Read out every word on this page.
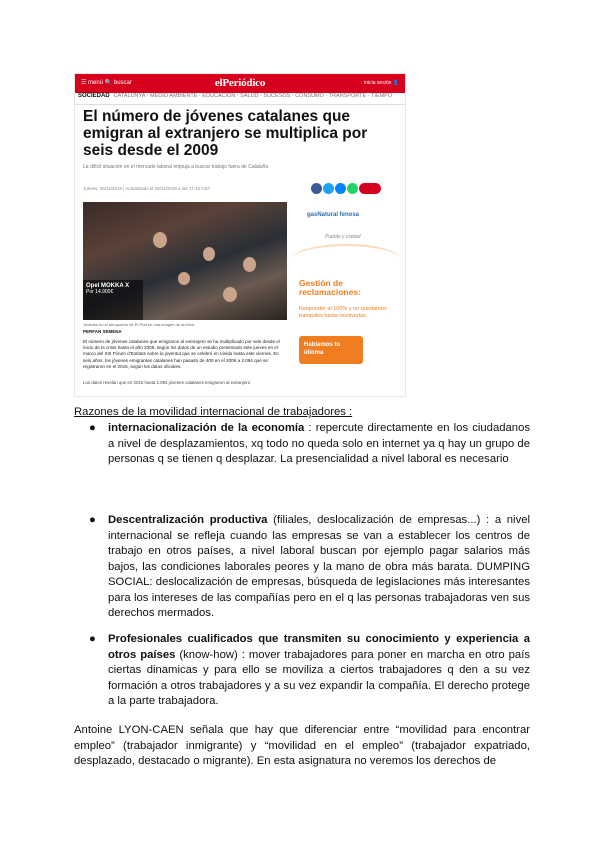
☰ menú 🔍 buscar	elPeriódico	inicia sesión 👤
SOCIEDAD CATALUNYA · MEDIO AMBIENTE · EDUCACIÓN · SALUD · SUCESOS · CONSUMO · TRANSPORTE · TIEMPO
El número de jóvenes catalanes que emigran al extranjero se multiplica por seis desde el 2009
La difícil situación en el mercado laboral empuja a buscar trabajo fuera de Cataluña
Jueves, 25/11/2016 | Actualizado el 25/11/2016 a las 17:15 CET
Opel MOKKA X
Por 14.900€
Jóvenes en el aeropuerto de El Prat en una imagen de archivo.
PERFAN SEMENA
El número de jóvenes catalanes que emigraron al extranjero se ha multiplicado por seis desde el inicio de la crisis hasta el año 2009, según los datos de un estudio presentado este jueves en el marco del XIII Fórum d'Entitats sobre la joventut que se celebró en Lleida hasta este viernes. En seis años, los jóvenes emigrantes catalanes han pasado de 400 en el 2009 a 2.094 que se registraron en el 2015, según los datos oficiales.
Los datos revelan que en 2015 hasta 2.094 jóvenes catalanes emigraron al extranjero
gasNatural fenosa
Pueblo y ciudad
Gestión de reclamaciones:
Responder al 100% y no quedarnos tranquilos hasta resolverlas
Hablamos tu idioma
Razones de la movilidad internacional de trabajadores :
● internacionalización de la economía : repercute directamente en los ciudadanos a nivel de desplazamientos, xq todo no queda solo en internet ya q hay un grupo de personas q se tienen q desplazar. La presencialidad a nivel laboral es necesario
● Descentralización productiva (filiales, deslocalización de empresas...) : a nivel internacional se refleja cuando las empresas se van a establecer los centros de trabajo en otros países, a nivel laboral buscan por ejemplo pagar salarios más bajos, las condiciones laborales peores y la mano de obra más barata. DUMPING SOCIAL: deslocalización de empresas, búsqueda de legislaciones más interesantes para los intereses de las compañías pero en el q las personas trabajadoras ven sus derechos mermados.
● Profesionales cualificados que transmiten su conocimiento y experiencia a otros países (know-how) : mover trabajadores para poner en marcha en otro país ciertas dinamicas y para ello se moviliza a ciertos trabajadores q den a su vez formación a otros trabajadores y a su vez expandir la compañía. El derecho protege a la parte trabajadora.
Antoine LYON-CAEN señala que hay que diferenciar entre “movilidad para encontrar empleo” (trabajador inmigrante) y “movilidad en el empleo” (trabajador expatriado, desplazado, destacado o migrante). En esta asignatura no veremos los derechos de
